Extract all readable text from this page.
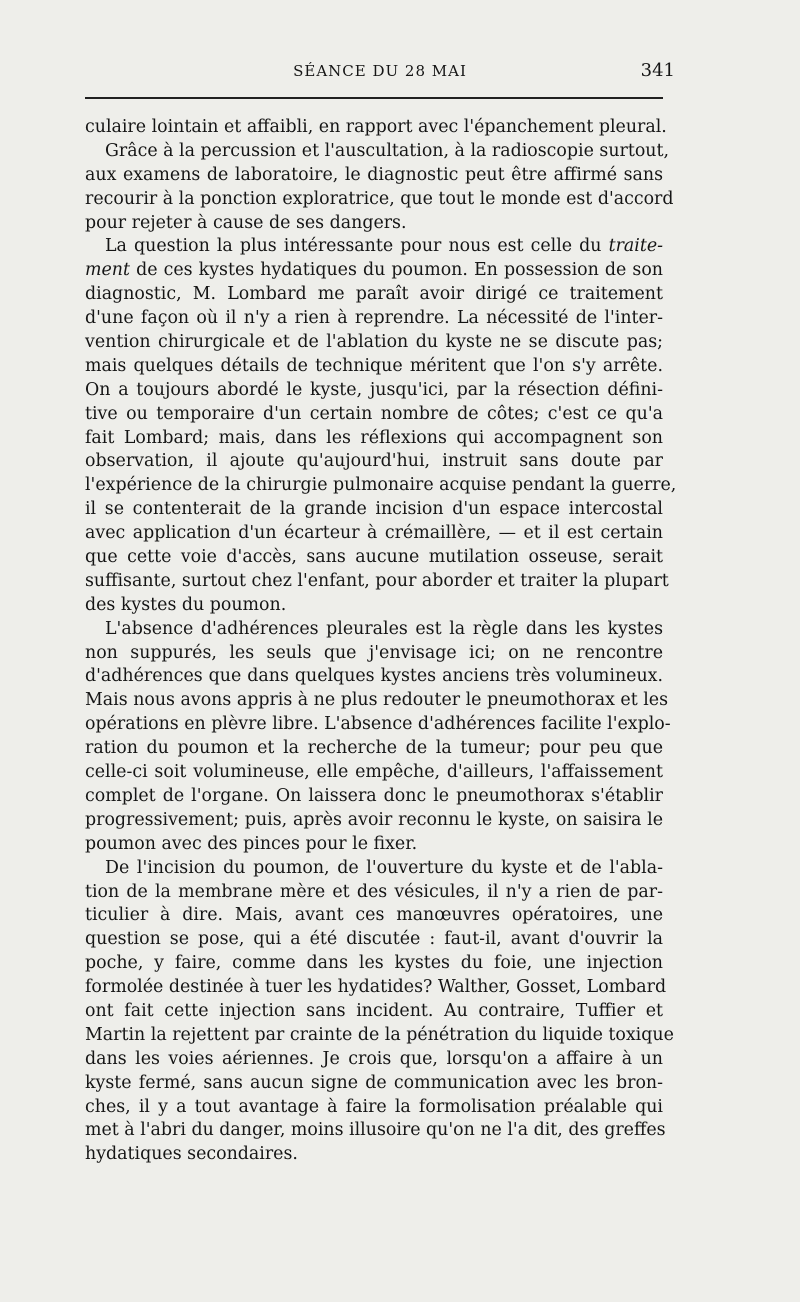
SÉANCE DU 28 MAI	341
culaire lointain et affaibli, en rapport avec l'épanchement pleural.
Grâce à la percussion et l'auscultation, à la radioscopie surtout,
aux examens de laboratoire, le diagnostic peut être affirmé sans
recourir à la ponction exploratrice, que tout le monde est d'accord
pour rejeter à cause de ses dangers.
La question la plus intéressante pour nous est celle du traite-
ment de ces kystes hydatiques du poumon. En possession de son
diagnostic, M. Lombard me paraît avoir dirigé ce traitement
d'une façon où il n'y a rien à reprendre. La nécessité de l'inter-
vention chirurgicale et de l'ablation du kyste ne se discute pas;
mais quelques détails de technique méritent que l'on s'y arrête.
On a toujours abordé le kyste, jusqu'ici, par la résection défini-
tive ou temporaire d'un certain nombre de côtes; c'est ce qu'a
fait Lombard; mais, dans les réflexions qui accompagnent son
observation, il ajoute qu'aujourd'hui, instruit sans doute par
l'expérience de la chirurgie pulmonaire acquise pendant la guerre,
il se contenterait de la grande incision d'un espace intercostal
avec application d'un écarteur à crémaillère, — et il est certain
que cette voie d'accès, sans aucune mutilation osseuse, serait
suffisante, surtout chez l'enfant, pour aborder et traiter la plupart
des kystes du poumon.
L'absence d'adhérences pleurales est la règle dans les kystes
non suppurés, les seuls que j'envisage ici; on ne rencontre
d'adhérences que dans quelques kystes anciens très volumineux.
Mais nous avons appris à ne plus redouter le pneumothorax et les
opérations en plèvre libre. L'absence d'adhérences facilite l'explo-
ration du poumon et la recherche de la tumeur; pour peu que
celle-ci soit volumineuse, elle empêche, d'ailleurs, l'affaissement
complet de l'organe. On laissera donc le pneumothorax s'établir
progressivement; puis, après avoir reconnu le kyste, on saisira le
poumon avec des pinces pour le fixer.
De l'incision du poumon, de l'ouverture du kyste et de l'abla-
tion de la membrane mère et des vésicules, il n'y a rien de par-
ticulier à dire. Mais, avant ces manœuvres opératoires, une
question se pose, qui a été discutée : faut-il, avant d'ouvrir la
poche, y faire, comme dans les kystes du foie, une injection
formolée destinée à tuer les hydatides? Walther, Gosset, Lombard
ont fait cette injection sans incident. Au contraire, Tuffier et
Martin la rejettent par crainte de la pénétration du liquide toxique
dans les voies aériennes. Je crois que, lorsqu'on a affaire à un
kyste fermé, sans aucun signe de communication avec les bron-
ches, il y a tout avantage à faire la formolisation préalable qui
met à l'abri du danger, moins illusoire qu'on ne l'a dit, des greffes
hydatiques secondaires.
